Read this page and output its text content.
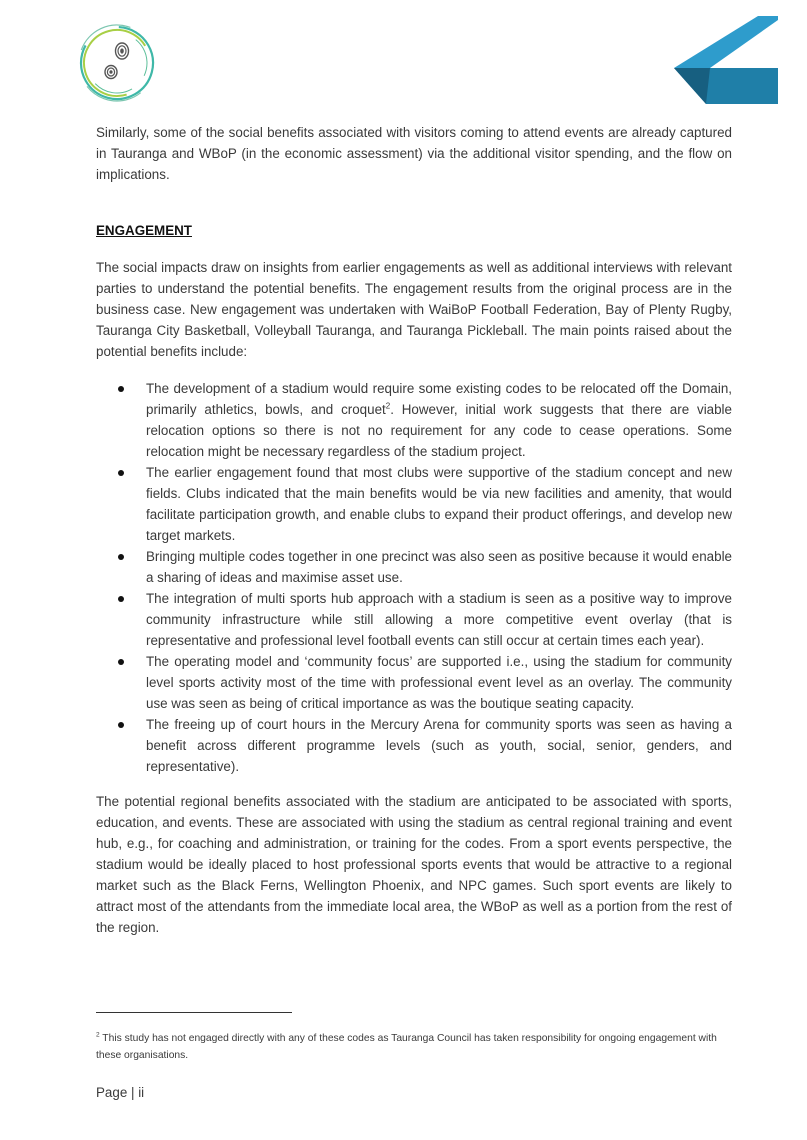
Similarly, some of the social benefits associated with visitors coming to attend events are already captured in Tauranga and WBoP (in the economic assessment) via the additional visitor spending, and the flow on implications.

ENGAGEMENT

The social impacts draw on insights from earlier engagements as well as additional interviews with relevant parties to understand the potential benefits. The engagement results from the original process are in the business case. New engagement was undertaken with WaiBoP Football Federation, Bay of Plenty Rugby, Tauranga City Basketball, Volleyball Tauranga, and Tauranga Pickleball. The main points raised about the potential benefits include:

The development of a stadium would require some existing codes to be relocated off the Domain, primarily athletics, bowls, and croquet$^2$. However, initial work suggests that there are viable relocation options so there is not no requirement for any code to cease operations. Some relocation might be necessary regardless of the stadium project.
The earlier engagement found that most clubs were supportive of the stadium concept and new fields. Clubs indicated that the main benefits would be via new facilities and amenity, that would facilitate participation growth, and enable clubs to expand their product offerings, and develop new target markets.
Bringing multiple codes together in one precinct was also seen as positive because it would enable a sharing of ideas and maximise asset use.
The integration of multi sports hub approach with a stadium is seen as a positive way to improve community infrastructure while still allowing a more competitive event overlay (that is representative and professional level football events can still occur at certain times each year).
The operating model and ‘community focus’ are supported i.e., using the stadium for community level sports activity most of the time with professional event level as an overlay. The community use was seen as being of critical importance as was the boutique seating capacity.
The freeing up of court hours in the Mercury Arena for community sports was seen as having a benefit across different programme levels (such as youth, social, senior, genders, and representative).

The potential regional benefits associated with the stadium are anticipated to be associated with sports, education, and events. These are associated with using the stadium as central regional training and event hub, e.g., for coaching and administration, or training for the codes. From a sport events perspective, the stadium would be ideally placed to host professional sports events that would be attractive to a regional market such as the Black Ferns, Wellington Phoenix, and NPC games. Such sport events are likely to attract most of the attendants from the immediate local area, the WBoP as well as a portion from the rest of the region.

$^2$ This study has not engaged directly with any of these codes as Tauranga Council has taken responsibility for ongoing engagement with these organisations.
Page | ii
